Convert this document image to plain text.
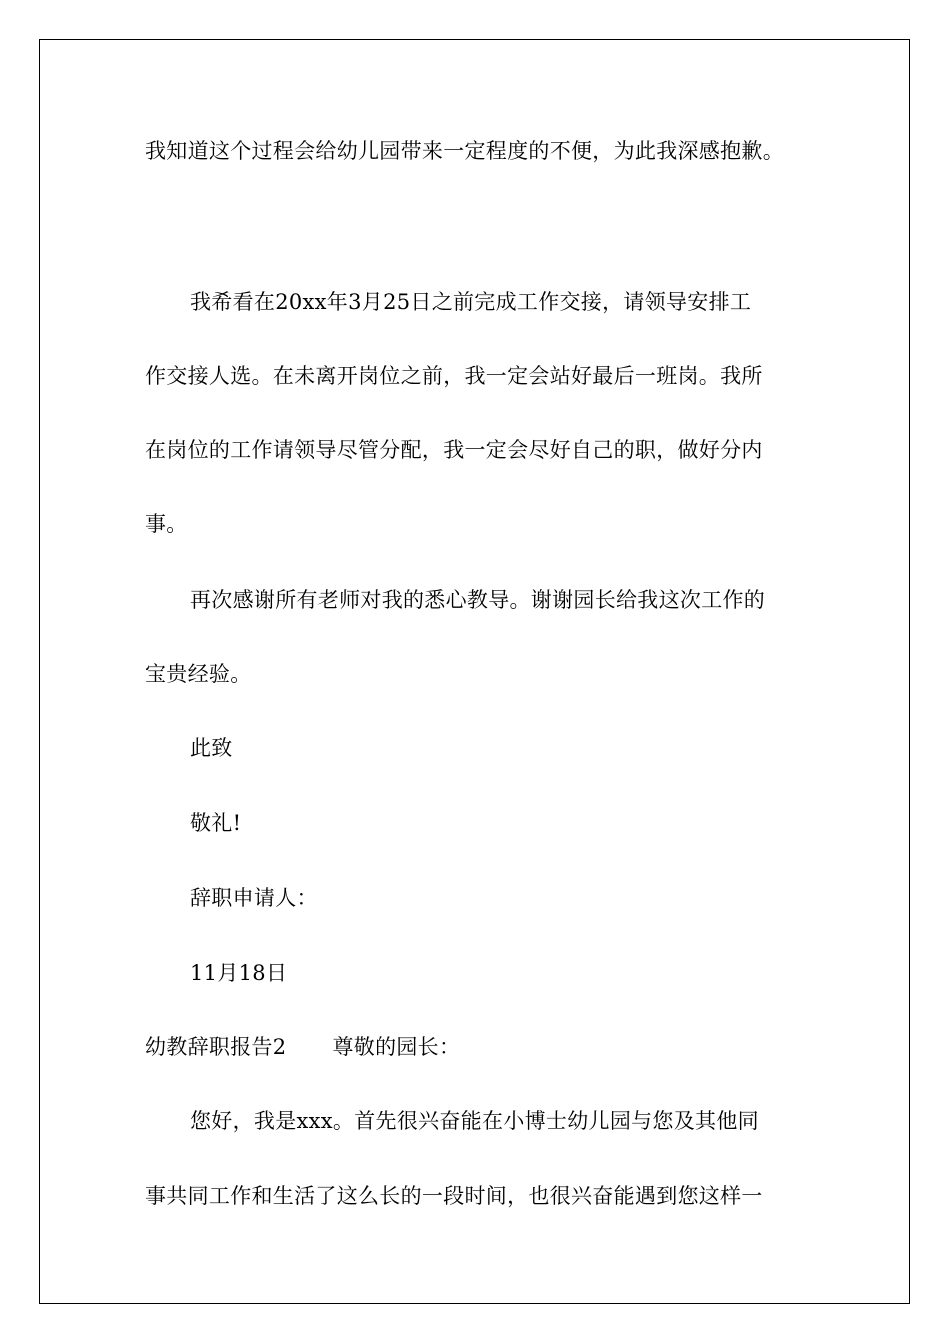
我知道这个过程会给幼儿园带来一定程度的不便，为此我深感抱歉。

我希看在20xx年3月25日之前完成工作交接，请领导安排工

作交接人选。在未离开岗位之前，我一定会站好最后一班岗。我所

在岗位的工作请领导尽管分配，我一定会尽好自己的职，做好分内

事。

再次感谢所有老师对我的悉心教导。谢谢园长给我这次工作的

宝贵经验。

此致

敬礼!

辞职申请人：

11月18日

幼教辞职报告2 尊敬的园长：

您好，我是xxx。首先很兴奋能在小博士幼儿园与您及其他同

事共同工作和生活了这么长的一段时间，也很兴奋能遇到您这样一
